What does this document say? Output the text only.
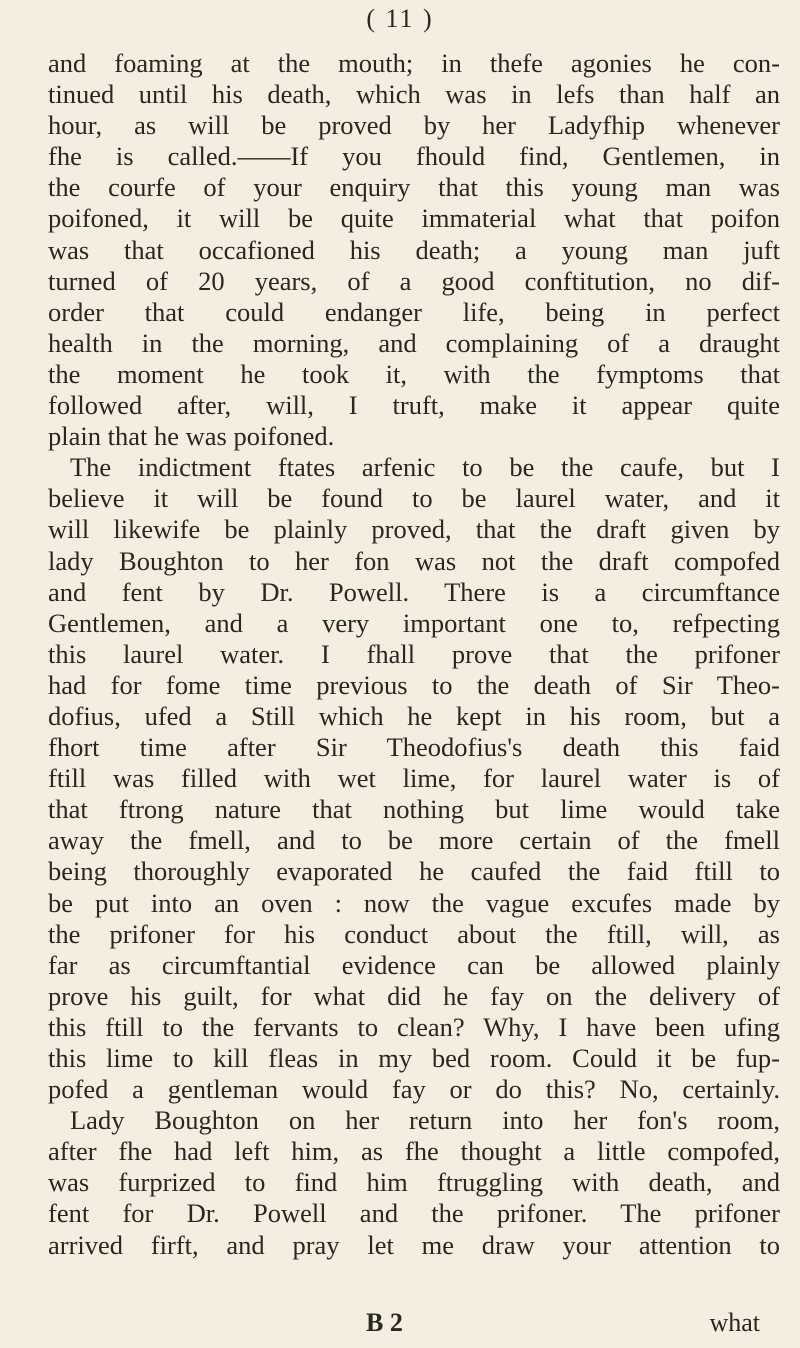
( 11 )
and foaming at the mouth; in thefe agonies he con-
tinued until his death, which was in lefs than half an
hour, as will be proved by her Ladyfhip whenever
fhe is called.——If you fhould find, Gentlemen, in
the courfe of your enquiry that this young man was
poifoned, it will be quite immaterial what that poifon
was that occafioned his death; a young man juft
turned of 20 years, of a good conftitution, no dif-
order that could endanger life, being in perfect
health in the morning, and complaining of a draught
the moment he took it, with the fymptoms that
followed after, will, I truft, make it appear quite
plain that he was poifoned.
The indictment ftates arfenic to be the caufe, but I
believe it will be found to be laurel water, and it
will likewife be plainly proved, that the draft given by
lady Boughton to her fon was not the draft compofed
and fent by Dr. Powell. There is a circumftance
Gentlemen, and a very important one to, refpecting
this laurel water. I fhall prove that the prifoner
had for fome time previous to the death of Sir Theo-
dofius, ufed a Still which he kept in his room, but a
fhort time after Sir Theodofius's death this faid
ftill was filled with wet lime, for laurel water is of
that ftrong nature that nothing but lime would take
away the fmell, and to be more certain of the fmell
being thoroughly evaporated he caufed the faid ftill to
be put into an oven : now the vague excufes made by
the prifoner for his conduct about the ftill, will, as
far as circumftantial evidence can be allowed plainly
prove his guilt, for what did he fay on the delivery of
this ftill to the fervants to clean? Why, I have been ufing
this lime to kill fleas in my bed room. Could it be fup-
pofed a gentleman would fay or do this? No, certainly.
Lady Boughton on her return into her fon's room,
after fhe had left him, as fhe thought a little compofed,
was furprized to find him ftruggling with death, and
fent for Dr. Powell and the prifoner. The prifoner
arrived firft, and pray let me draw your attention to
B 2	what
